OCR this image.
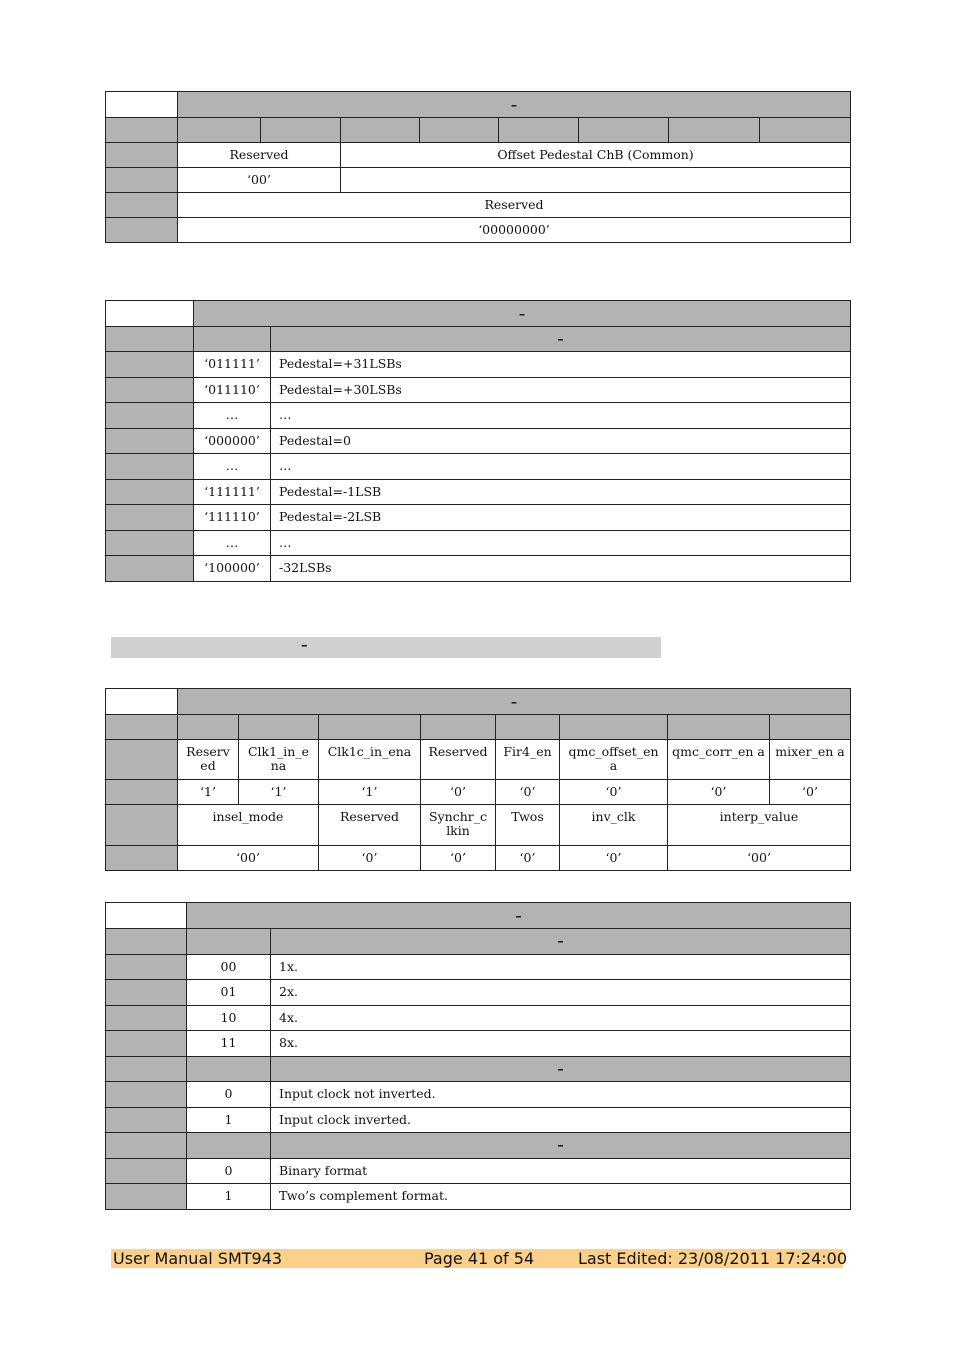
	–							

	Reserved		Offset Pedestal ChB (Common)					
	‘00’							
	Reserved							
	‘00000000’							
	–	
		–
	‘011111’	Pedestal=+31LSBs
	‘011110’	Pedestal=+30LSBs
	…	…
	‘000000’	Pedestal=0
	…	…
	‘111111’	Pedestal=-1LSB
	‘111110’	Pedestal=-2LSB
	…	…
	‘100000’	-32LSBs
–
	–							

	Reserv ed	Clk1_in_e na	Clk1c_in_ena	Reserved	Fir4_en	qmc_offset_en a	qmc_corr_en a	mixer_en a
	‘1’	‘1’	‘1’	‘0’	‘0’	‘0’	‘0’	‘0’
	insel_mode		Reserved	Synchr_c lkin	Twos	inv_clk	interp_value	
	‘00’		‘0’	‘0’	‘0’	‘0’	‘00’	
	–	
		–
	00	1x.
	01	2x.
	10	4x.
	11	8x.
		–
	0	Input clock not inverted.
	1	Input clock inverted.
		–
	0	Binary format
	1	Two’s complement format.
User Manual SMT943	Page 41 of 54	Last Edited: 23/08/2011 17:24:00
